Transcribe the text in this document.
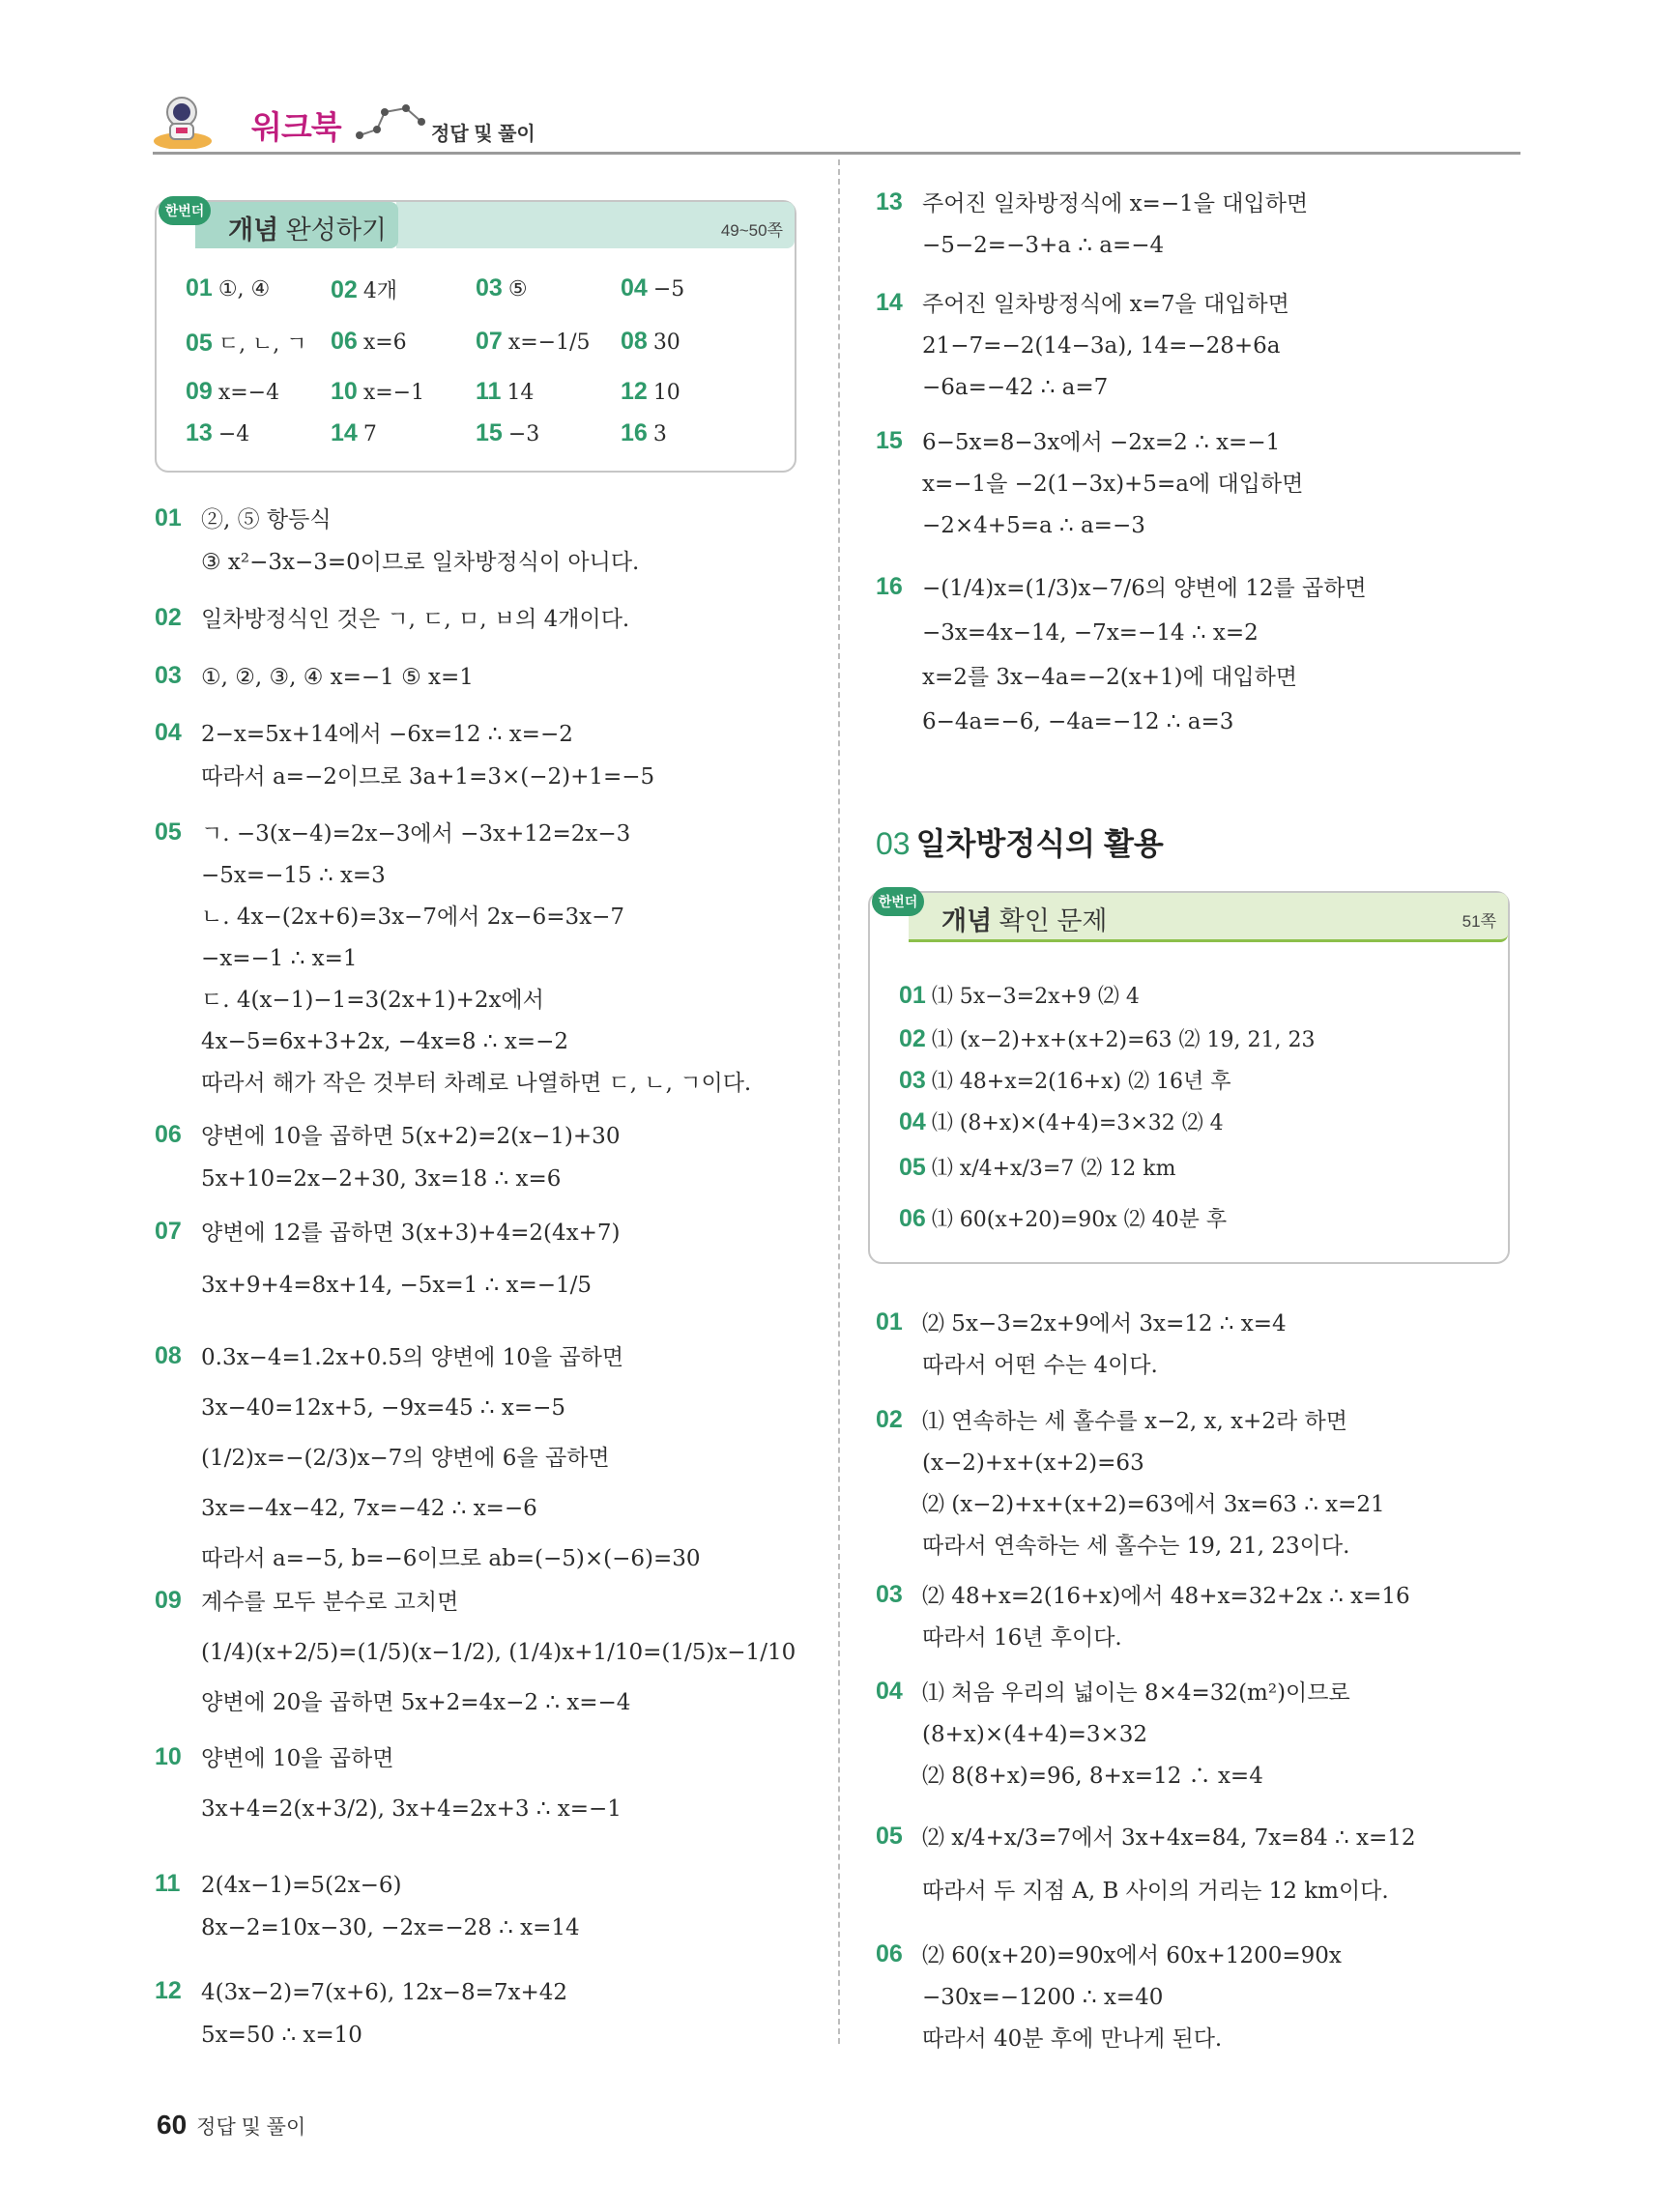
워크북	정답 및 풀이
한번더
개념 완성하기	49~50쪽
01 ①, ④	02 4개	03 ⑤	04 −5
05 ㄷ, ㄴ, ㄱ 06 x=6	07 x=−1/5 08 30
09 x=−4 10 x=−1 11 14	12 10
13 −4	14 7	15 −3	16 3
01 ②, ⑤ 항등식
③ x²−3x−3=0이므로 일차방정식이 아니다.
02 일차방정식인 것은 ㄱ, ㄷ, ㅁ, ㅂ의 4개이다.
03 ①, ②, ③, ④ x=−1 ⑤ x=1
04 2−x=5x+14에서 −6x=12 ∴ x=−2
따라서 a=−2이므로 3a+1=3×(−2)+1=−5
05 ㄱ. −3(x−4)=2x−3에서 −3x+12=2x−3
−5x=−15 ∴ x=3
ㄴ. 4x−(2x+6)=3x−7에서 2x−6=3x−7
−x=−1 ∴ x=1
ㄷ. 4(x−1)−1=3(2x+1)+2x에서
4x−5=6x+3+2x, −4x=8 ∴ x=−2
따라서 해가 작은 것부터 차례로 나열하면 ㄷ, ㄴ, ㄱ이다.
06 양변에 10을 곱하면 5(x+2)=2(x−1)+30
5x+10=2x−2+30, 3x=18 ∴ x=6
07 양변에 12를 곱하면 3(x+3)+4=2(4x+7)
3x+9+4=8x+14, −5x=1 ∴ x=−1/5
08 0.3x−4=1.2x+0.5의 양변에 10을 곱하면
3x−40=12x+5, −9x=45 ∴ x=−5
(1/2)x=−(2/3)x−7의 양변에 6을 곱하면
3x=−4x−42, 7x=−42 ∴ x=−6
따라서 a=−5, b=−6이므로 ab=(−5)×(−6)=30
09 계수를 모두 분수로 고치면
(1/4)(x+2/5)=(1/5)(x−1/2), (1/4)x+1/10=(1/5)x−1/10
양변에 20을 곱하면 5x+2=4x−2 ∴ x=−4
10 양변에 10을 곱하면
3x+4=2(x+3/2), 3x+4=2x+3 ∴ x=−1
11 2(4x−1)=5(2x−6)
8x−2=10x−30, −2x=−28 ∴ x=14
12 4(3x−2)=7(x+6), 12x−8=7x+42
5x=50 ∴ x=10
13 주어진 일차방정식에 x=−1을 대입하면
−5−2=−3+a ∴ a=−4
14 주어진 일차방정식에 x=7을 대입하면
21−7=−2(14−3a), 14=−28+6a
−6a=−42 ∴ a=7
15 6−5x=8−3x에서 −2x=2 ∴ x=−1
x=−1을 −2(1−3x)+5=a에 대입하면
−2×4+5=a ∴ a=−3
16 −(1/4)x=(1/3)x−7/6의 양변에 12를 곱하면
−3x=4x−14, −7x=−14 ∴ x=2
x=2를 3x−4a=−2(x+1)에 대입하면
6−4a=−6, −4a=−12 ∴ a=3
03 일차방정식의 활용
한번더
개념 확인 문제	51쪽
01 ⑴ 5x−3=2x+9 ⑵ 4
02 ⑴ (x−2)+x+(x+2)=63 ⑵ 19, 21, 23
03 ⑴ 48+x=2(16+x) ⑵ 16년 후
04 ⑴ (8+x)×(4+4)=3×32 ⑵ 4
05 ⑴ x/4+x/3=7 ⑵ 12 km
06 ⑴ 60(x+20)=90x ⑵ 40분 후
01 ⑵ 5x−3=2x+9에서 3x=12 ∴ x=4
따라서 어떤 수는 4이다.
02 ⑴ 연속하는 세 홀수를 x−2, x, x+2라 하면
(x−2)+x+(x+2)=63
⑵ (x−2)+x+(x+2)=63에서 3x=63 ∴ x=21
따라서 연속하는 세 홀수는 19, 21, 23이다.
03 ⑵ 48+x=2(16+x)에서 48+x=32+2x ∴ x=16
따라서 16년 후이다.
04 ⑴ 처음 우리의 넓이는 8×4=32(m²)이므로
(8+x)×(4+4)=3×32
⑵ 8(8+x)=96, 8+x=12 ∴ x=4
05 ⑵ x/4+x/3=7에서 3x+4x=84, 7x=84 ∴ x=12
따라서 두 지점 A, B 사이의 거리는 12 km이다.
06 ⑵ 60(x+20)=90x에서 60x+1200=90x
−30x=−1200 ∴ x=40
따라서 40분 후에 만나게 된다.
60 정답 및 풀이
